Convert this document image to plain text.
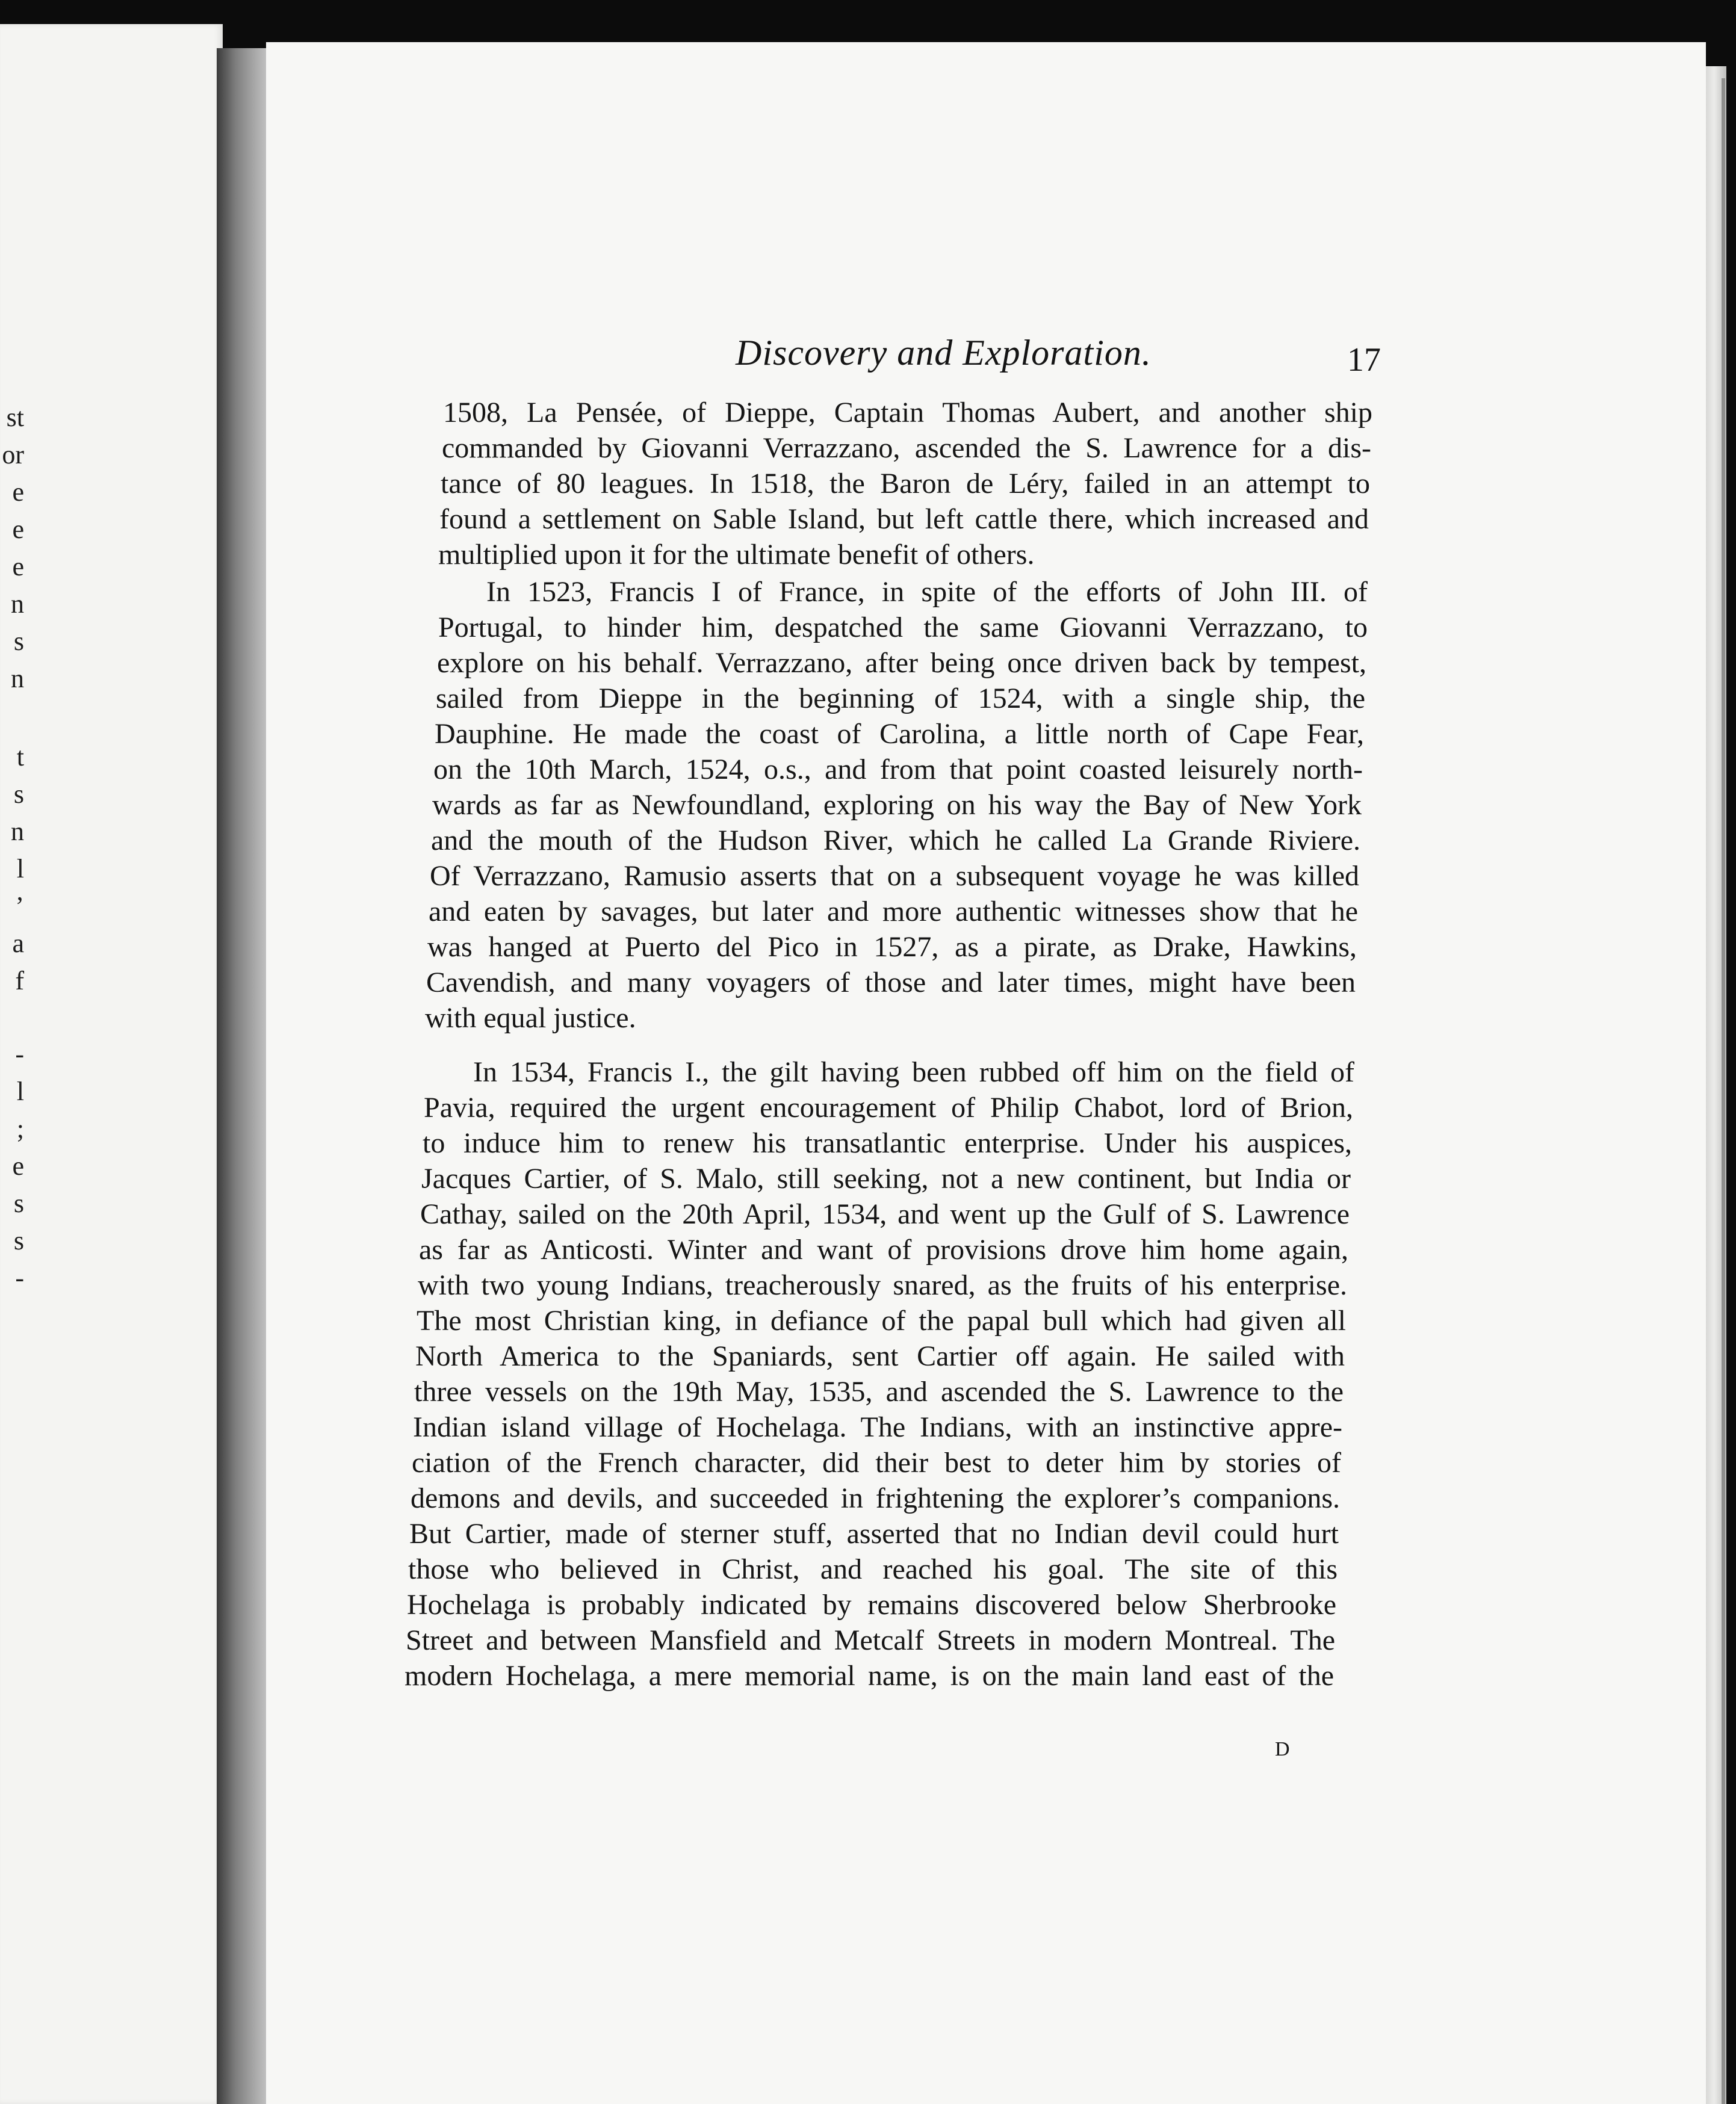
st
or
e
e
e
n
s
n
t
s
n
l
’
a
f
-
l
;
e
s
s
-
Discovery and Exploration.	17
1508, La Pensée, of Dieppe, Captain Thomas Aubert, and another ship
commanded by Giovanni Verrazzano, ascended the S. Lawrence for a dis-
tance of 80 leagues. In 1518, the Baron de Léry, failed in an attempt to
found a settlement on Sable Island, but left cattle there, which increased and
multiplied upon it for the ultimate benefit of others.
In 1523, Francis I of France, in spite of the efforts of John III. of
Portugal, to hinder him, despatched the same Giovanni Verrazzano, to
explore on his behalf. Verrazzano, after being once driven back by tempest,
sailed from Dieppe in the beginning of 1524, with a single ship, the
Dauphine. He made the coast of Carolina, a little north of Cape Fear,
on the 10th March, 1524, o.s., and from that point coasted leisurely north-
wards as far as Newfoundland, exploring on his way the Bay of New York
and the mouth of the Hudson River, which he called La Grande Riviere.
Of Verrazzano, Ramusio asserts that on a subsequent voyage he was killed
and eaten by savages, but later and more authentic witnesses show that he
was hanged at Puerto del Pico in 1527, as a pirate, as Drake, Hawkins,
Cavendish, and many voyagers of those and later times, might have been
with equal justice.
In 1534, Francis I., the gilt having been rubbed off him on the field of
Pavia, required the urgent encouragement of Philip Chabot, lord of Brion,
to induce him to renew his transatlantic enterprise. Under his auspices,
Jacques Cartier, of S. Malo, still seeking, not a new continent, but India or
Cathay, sailed on the 20th April, 1534, and went up the Gulf of S. Lawrence
as far as Anticosti. Winter and want of provisions drove him home again,
with two young Indians, treacherously snared, as the fruits of his enterprise.
The most Christian king, in defiance of the papal bull which had given all
North America to the Spaniards, sent Cartier off again. He sailed with
three vessels on the 19th May, 1535, and ascended the S. Lawrence to the
Indian island village of Hochelaga. The Indians, with an instinctive appre-
ciation of the French character, did their best to deter him by stories of
demons and devils, and succeeded in frightening the explorer’s companions.
But Cartier, made of sterner stuff, asserted that no Indian devil could hurt
those who believed in Christ, and reached his goal. The site of this
Hochelaga is probably indicated by remains discovered below Sherbrooke
Street and between Mansfield and Metcalf Streets in modern Montreal. The
modern Hochelaga, a mere memorial name, is on the main land east of the
D
